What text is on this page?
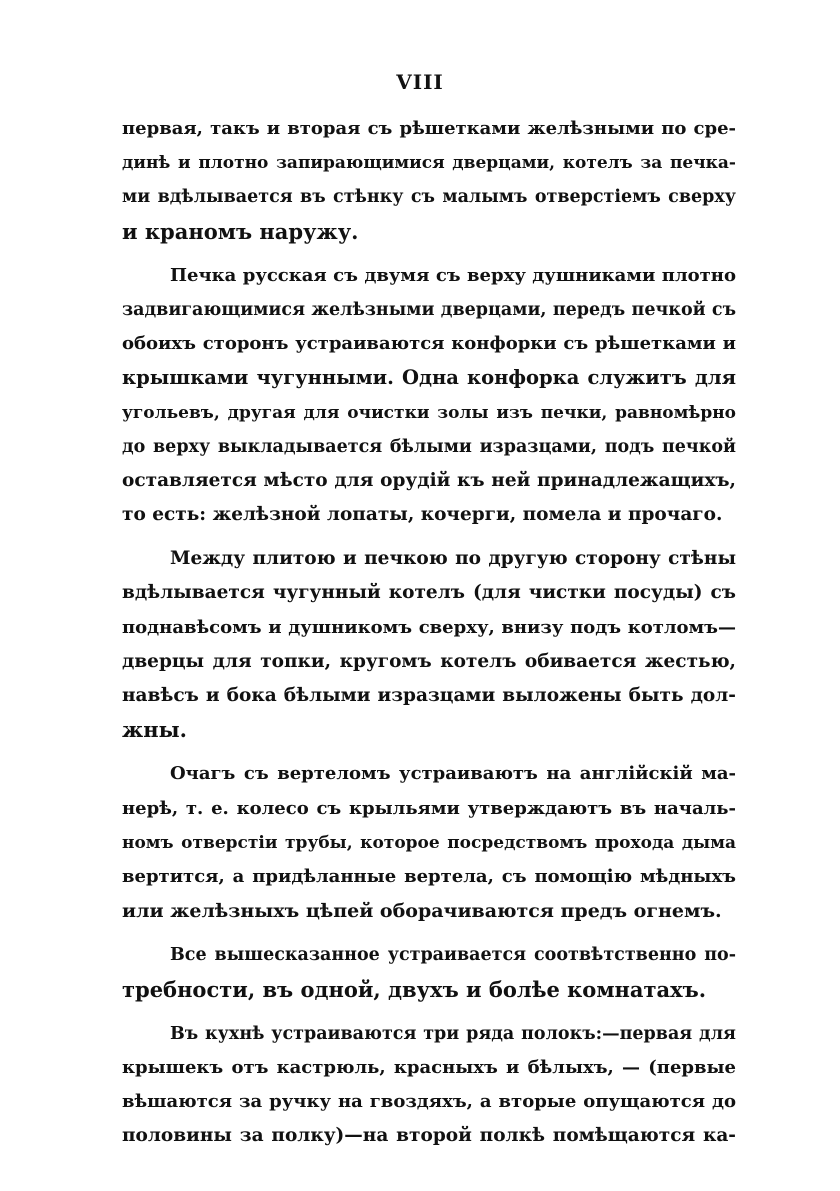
VIII
первая, такъ и вторая съ рѣшетками желѣзными по сре-
динѣ и плотно запирающимися дверцами, котелъ за печка-
ми вдѣлывается въ стѣнку съ малымъ отверстіемъ сверху
и краномъ наружу.
Печка русская съ двумя съ верху душниками плотно
задвигающимися желѣзными дверцами, передъ печкой съ
обоихъ сторонъ устраиваются конфорки съ рѣшетками и
крышками чугунными. Одна конфорка служитъ для
угольевъ, другая для очистки золы изъ печки, равномѣрно
до верху выкладывается бѣлыми изразцами, подъ печкой
оставляется мѣсто для орудій къ ней принадлежащихъ,
то есть: желѣзной лопаты, кочерги, помела и прочаго.
Между плитою и печкою по другую сторону стѣны
вдѣлывается чугунный котелъ (для чистки посуды) съ
поднавѣсомъ и душникомъ сверху, внизу подъ котломъ—
дверцы для топки, кругомъ котелъ обивается жестью,
навѣсъ и бока бѣлыми изразцами выложены быть дол-
жны.
Очагъ съ вертеломъ устраиваютъ на англійскій ма-
нерѣ, т. е. колесо съ крыльями утверждаютъ въ началь-
номъ отверстіи трубы, которое посредствомъ прохода дыма
вертится, а придѣланные вертела, съ помощію мѣдныхъ
или желѣзныхъ цѣпей оборачиваются предъ огнемъ.
Все вышесказанное устраивается соотвѣтственно по-
требности, въ одной, двухъ и болѣе комнатахъ.
Въ кухнѣ устраиваются три ряда полокъ:—первая для
крышекъ отъ кастрюль, красныхъ и бѣлыхъ, — (первые
вѣшаются за ручку на гвоздяхъ, а вторые опущаются до
половины за полку)—на второй полкѣ помѣщаются ка-
